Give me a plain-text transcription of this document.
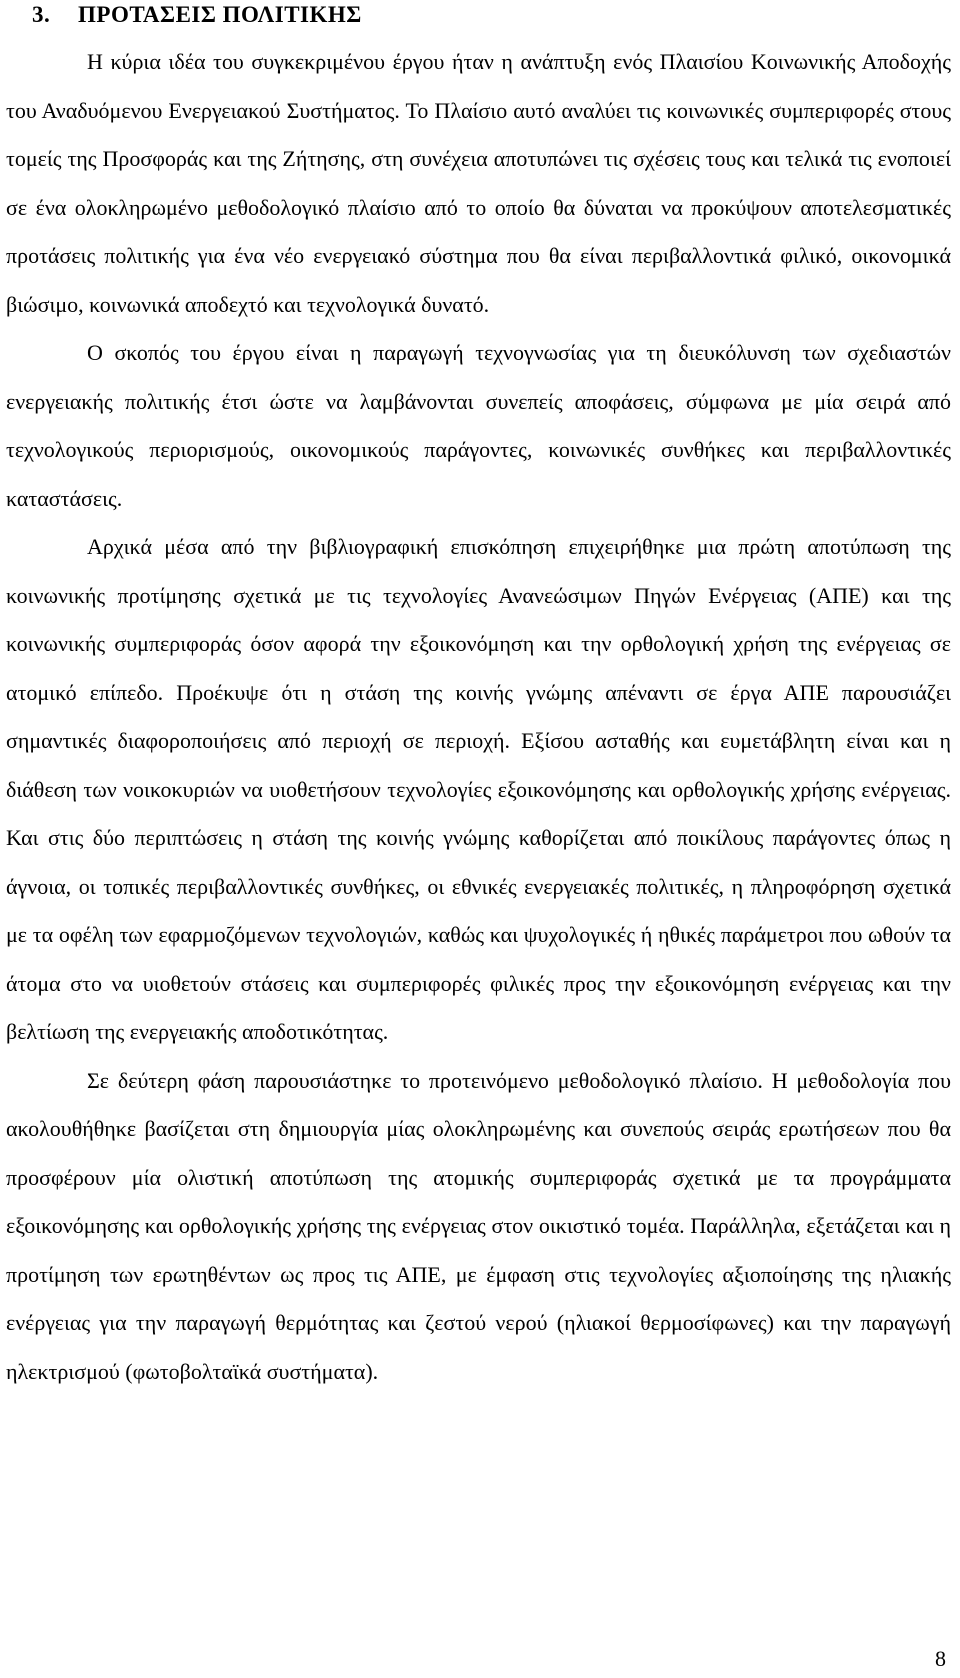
3. ΠΡΟΤΑΣΕΙΣ ΠΟΛΙΤΙΚΗΣ

Η κύρια ιδέα του συγκεκριμένου έργου ήταν η ανάπτυξη ενός Πλαισίου Κοινωνικής Αποδοχής του Αναδυόμενου Ενεργειακού Συστήματος. Το Πλαίσιο αυτό αναλύει τις κοινωνικές συμπεριφορές στους τομείς της Προσφοράς και της Ζήτησης, στη συνέχεια αποτυπώνει τις σχέσεις τους και τελικά τις ενοποιεί σε ένα ολοκληρωμένο μεθοδολογικό πλαίσιο από το οποίο θα δύναται να προκύψουν αποτελεσματικές προτάσεις πολιτικής για ένα νέο ενεργειακό σύστημα που θα είναι περιβαλλοντικά φιλικό, οικονομικά βιώσιμο, κοινωνικά αποδεχτό και τεχνολογικά δυνατό.

Ο σκοπός του έργου είναι η παραγωγή τεχνογνωσίας για τη διευκόλυνση των σχεδιαστών ενεργειακής πολιτικής έτσι ώστε να λαμβάνονται συνεπείς αποφάσεις, σύμφωνα με μία σειρά από τεχνολογικούς περιορισμούς, οικονομικούς παράγοντες, κοινωνικές συνθήκες και περιβαλλοντικές καταστάσεις.

Αρχικά μέσα από την βιβλιογραφική επισκόπηση επιχειρήθηκε μια πρώτη αποτύπωση της κοινωνικής προτίμησης σχετικά με τις τεχνολογίες Ανανεώσιμων Πηγών Ενέργειας (ΑΠΕ) και της κοινωνικής συμπεριφοράς όσον αφορά την εξοικονόμηση και την ορθολογική χρήση της ενέργειας σε ατομικό επίπεδο. Προέκυψε ότι η στάση της κοινής γνώμης απέναντι σε έργα ΑΠΕ παρουσιάζει σημαντικές διαφοροποιήσεις από περιοχή σε περιοχή. Εξίσου ασταθής και ευμετάβλητη είναι και η διάθεση των νοικοκυριών να υιοθετήσουν τεχνολογίες εξοικονόμησης και ορθολογικής χρήσης ενέργειας. Και στις δύο περιπτώσεις η στάση της κοινής γνώμης καθορίζεται από ποικίλους παράγοντες όπως η άγνοια, οι τοπικές περιβαλλοντικές συνθήκες, οι εθνικές ενεργειακές πολιτικές, η πληροφόρηση σχετικά με τα οφέλη των εφαρμοζόμενων τεχνολογιών, καθώς και ψυχολογικές ή ηθικές παράμετροι που ωθούν τα άτομα στο να υιοθετούν στάσεις και συμπεριφορές φιλικές προς την εξοικονόμηση ενέργειας και την βελτίωση της ενεργειακής αποδοτικότητας.

Σε δεύτερη φάση παρουσιάστηκε το προτεινόμενο μεθοδολογικό πλαίσιο. Η μεθοδολογία που ακολουθήθηκε βασίζεται στη δημιουργία μίας ολοκληρωμένης και συνεπούς σειράς ερωτήσεων που θα προσφέρουν μία ολιστική αποτύπωση της ατομικής συμπεριφοράς σχετικά με τα προγράμματα εξοικονόμησης και ορθολογικής χρήσης της ενέργειας στον οικιστικό τομέα. Παράλληλα, εξετάζεται και η προτίμηση των ερωτηθέντων ως προς τις ΑΠΕ, με έμφαση στις τεχνολογίες αξιοποίησης της ηλιακής ενέργειας για την παραγωγή θερμότητας και ζεστού νερού (ηλιακοί θερμοσίφωνες) και την παραγωγή ηλεκτρισμού (φωτοβολταϊκά συστήματα).

8
